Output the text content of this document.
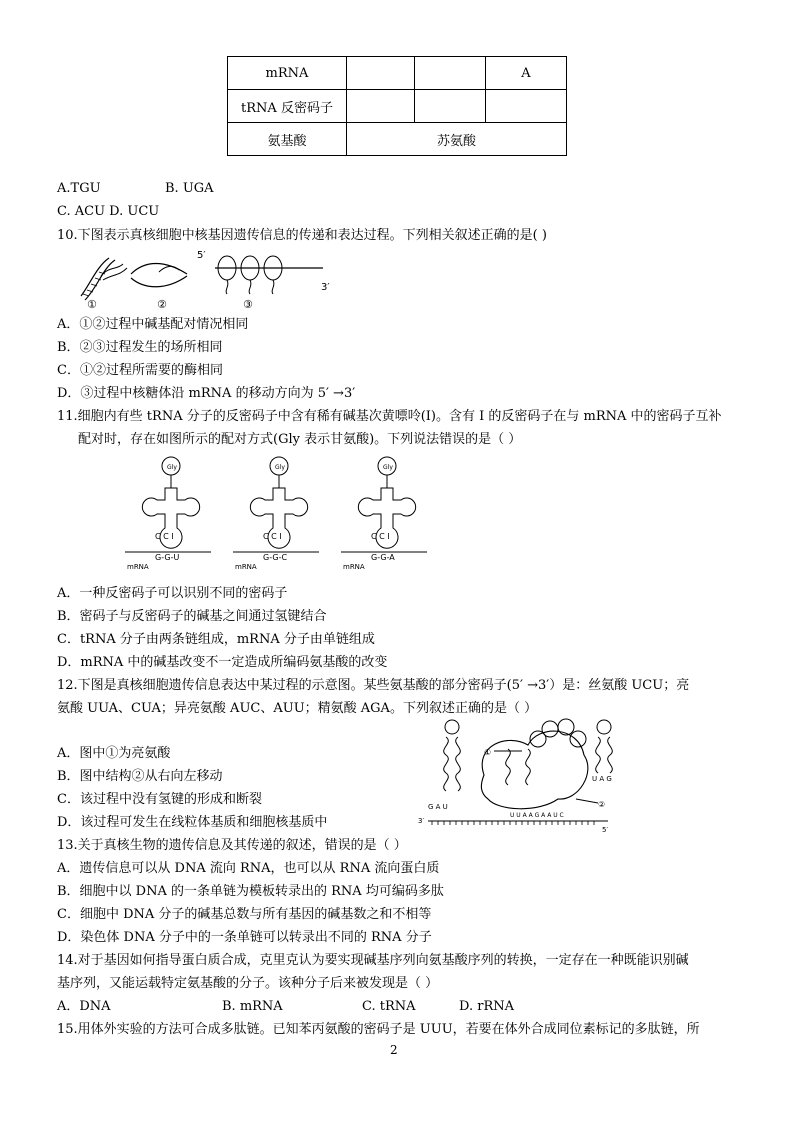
mRNA			A
tRNA 反密码子			
氨基酸	苏氨酸		
A.TGU	B. UGA
C. ACU D. UCU
10.下图表示真核细胞中核基因遗传信息的传递和表达过程。下列相关叙述正确的是( )
①	②	③
5′
3′
A．①②过程中碱基配对情况相同
B．②③过程发生的场所相同
C．①②过程所需要的酶相同
D．③过程中核糖体沿 mRNA 的移动方向为 5′ →3′
11.细胞内有些 tRNA 分子的反密码子中含有稀有碱基次黄嘌呤(I)。含有 I 的反密码子在与 mRNA 中的密码子互补
配对时，存在如图所示的配对方式(Gly 表示甘氨酸)。下列说法错误的是（ ）
C C I
G-G-U
Gly
mRNA
C C I
G-G-C
Gly
mRNA
C C I
G-G-A
Gly
mRNA
A．一种反密码子可以识别不同的密码子
B．密码子与反密码子的碱基之间通过氢键结合
C．tRNA 分子由两条链组成，mRNA 分子由单链组成
D．mRNA 中的碱基改变不一定造成所编码氨基酸的改变
12.下图是真核细胞遗传信息表达中某过程的示意图。某些氨基酸的部分密码子(5′ →3′）是：丝氨酸 UCU；亮
氨酸 UUA、CUA；异亮氨酸 AUC、AUU；精氨酸 AGA。下列叙述正确的是（ ）
A．图中①为亮氨酸
B．图中结构②从右向左移动
C．该过程中没有氢键的形成和断裂
D．该过程可发生在线粒体基质和细胞核基质中
G A U
①
②
U A G
U U A A G A A U C
3′
5′
13.关于真核生物的遗传信息及其传递的叙述，错误的是（ ）
A．遗传信息可以从 DNA 流向 RNA，也可以从 RNA 流向蛋白质
B．细胞中以 DNA 的一条单链为模板转录出的 RNA 均可编码多肽
C．细胞中 DNA 分子的碱基总数与所有基因的碱基数之和不相等
D．染色体 DNA 分子中的一条单链可以转录出不同的 RNA 分子
14.对于基因如何指导蛋白质合成，克里克认为要实现碱基序列向氨基酸序列的转换，一定存在一种既能识别碱
基序列，又能运载特定氨基酸的分子。该种分子后来被发现是（ ）
A．DNA	B. mRNA	C. tRNA	D. rRNA
15.用体外实验的方法可合成多肽链。已知苯丙氨酸的密码子是 UUU，若要在体外合成同位素标记的多肽链，所
2
